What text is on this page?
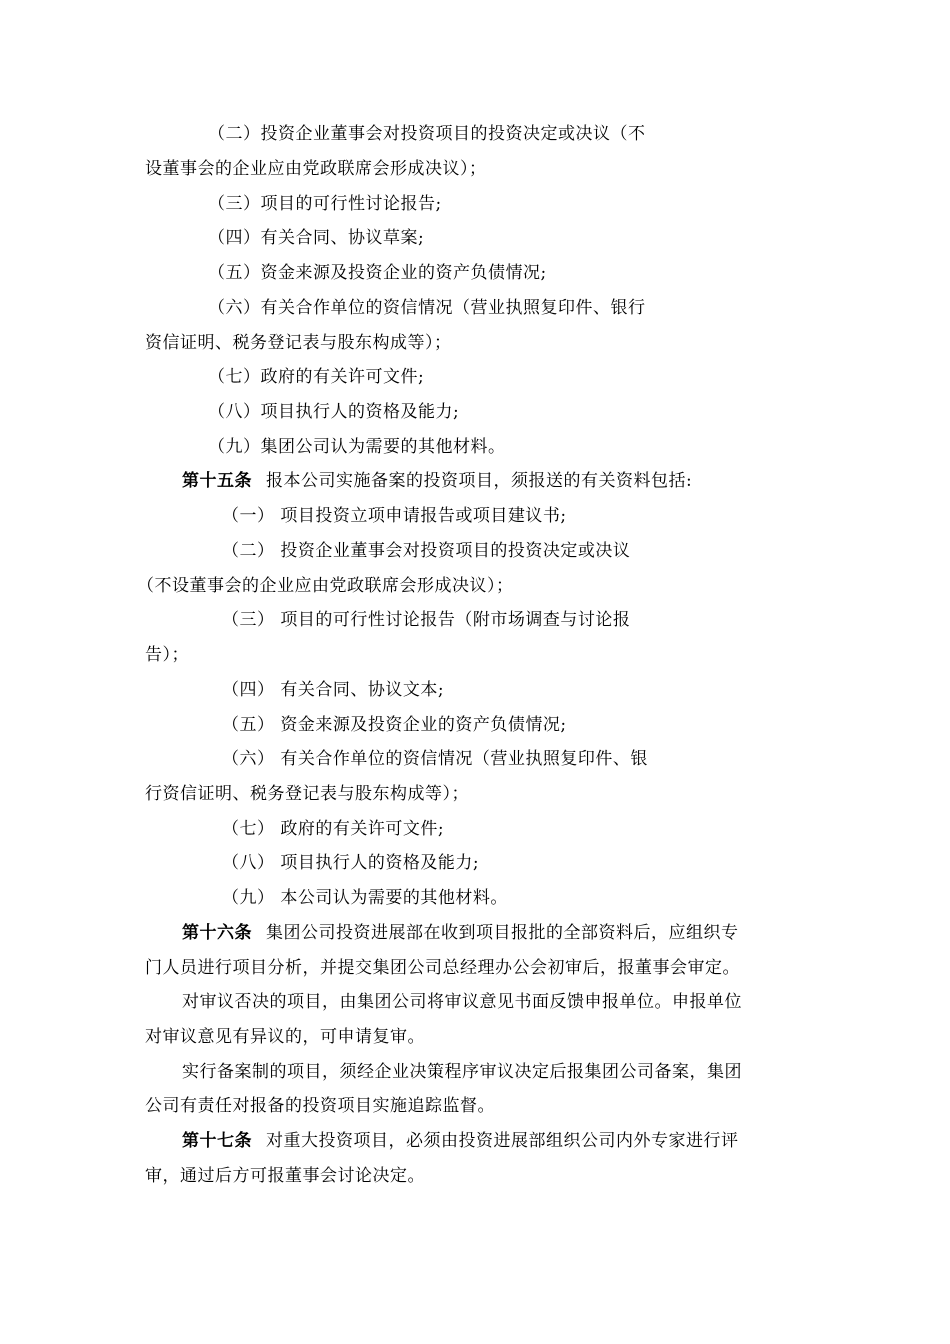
（二）投资企业董事会对投资项目的投资决定或决议（不
设董事会的企业应由党政联席会形成决议）；
（三）项目的可行性讨论报告;
（四）有关合同、协议草案;
（五）资金来源及投资企业的资产负债情况;
（六）有关合作单位的资信情况（营业执照复印件、银行
资信证明、税务登记表与股东构成等）；
（七）政府的有关许可文件;
（八）项目执行人的资格及能力;
（九）集团公司认为需要的其他材料。
第十五条 报本公司实施备案的投资项目，须报送的有关资料包括:
（一） 项目投资立项申请报告或项目建议书;
（二） 投资企业董事会对投资项目的投资决定或决议
（不设董事会的企业应由党政联席会形成决议）；
（三） 项目的可行性讨论报告（附市场调查与讨论报
告）；
（四） 有关合同、协议文本;
（五） 资金来源及投资企业的资产负债情况;
（六） 有关合作单位的资信情况（营业执照复印件、银
行资信证明、税务登记表与股东构成等）；
（七） 政府的有关许可文件;
（八） 项目执行人的资格及能力;
（九） 本公司认为需要的其他材料。
第十六条 集团公司投资进展部在收到项目报批的全部资料后，应组织专
门人员进行项目分析，并提交集团公司总经理办公会初审后，报董事会审定。
对审议否决的项目，由集团公司将审议意见书面反馈申报单位。申报单位
对审议意见有异议的，可申请复审。
实行备案制的项目，须经企业决策程序审议决定后报集团公司备案，集团
公司有责任对报备的投资项目实施追踪监督。
第十七条 对重大投资项目，必须由投资进展部组织公司内外专家进行评
审，通过后方可报董事会讨论决定。
